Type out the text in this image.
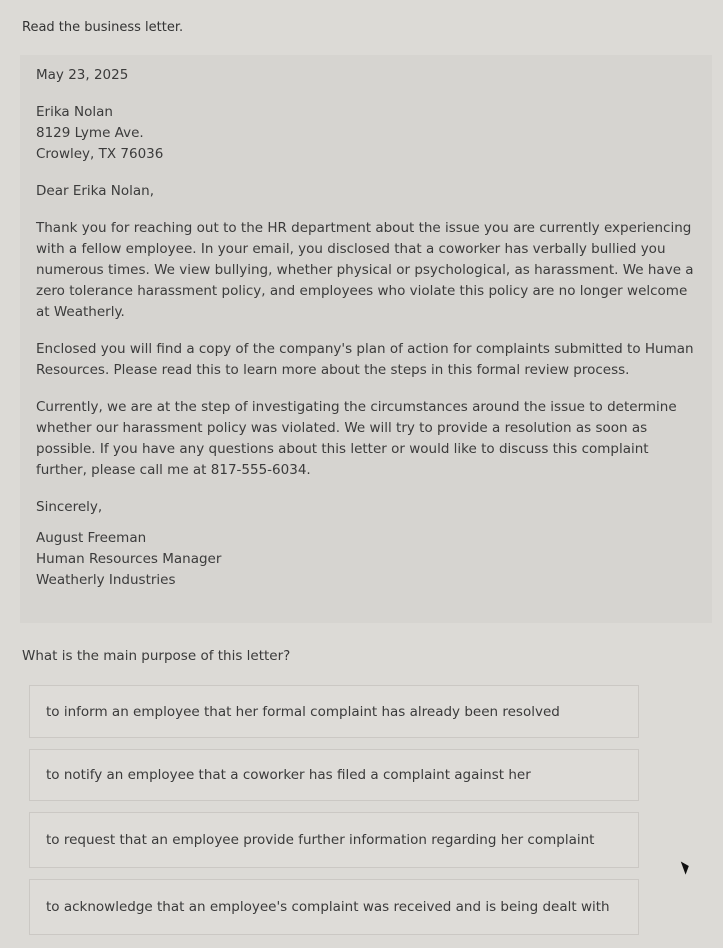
Read the business letter.

May 23, 2025

Erika Nolan

8129 Lyme Ave.

Crowley, TX 76036

Dear Erika Nolan,

Thank you for reaching out to the HR department about the issue you are currently experiencing with a fellow employee. In your email, you disclosed that a coworker has verbally bullied you numerous times. We view bullying, whether physical or psychological, as harassment. We have a zero tolerance harassment policy, and employees who violate this policy are no longer welcome at Weatherly.

Enclosed you will find a copy of the company's plan of action for complaints submitted to Human Resources. Please read this to learn more about the steps in this formal review process.

Currently, we are at the step of investigating the circumstances around the issue to determine whether our harassment policy was violated. We will try to provide a resolution as soon as possible. If you have any questions about this letter or would like to discuss this complaint further, please call me at 817-555-6034.

Sincerely,

August Freeman

Human Resources Manager

Weatherly Industries

What is the main purpose of this letter?
to inform an employee that her formal complaint has already been resolved
to notify an employee that a coworker has filed a complaint against her
to request that an employee provide further information regarding her complaint
to acknowledge that an employee's complaint was received and is being dealt with
